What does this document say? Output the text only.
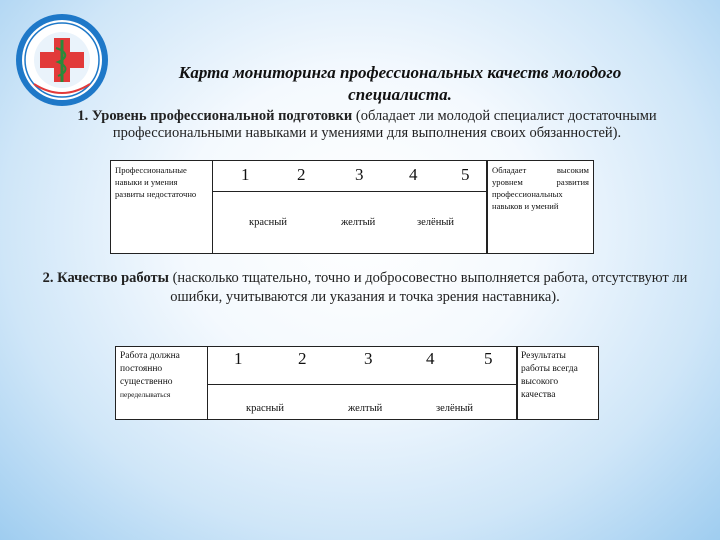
Карта мониторинга профессиональных качеств молодого
специалиста.
1. Уровень профессиональной подготовки (обладает ли молодой специалист достаточными профессиональными навыками и умениями для выполнения своих обязанностей).
Профессиональные навыки и умения развиты недостаточно
1	2	3	4	5
красный	желтый	зелёный
Обладает высоким уровнем развития профессиональных навыков и умений
2. Качество работы (насколько тщательно, точно и добросовестно выполняется работа, отсутствуют ли ошибки, учитываются ли указания и точка зрения наставника).
Работа должна постоянно существенно
переделываться
1	2	3	4	5
красный	желтый	зелёный
Результаты работы всегда высокого качества
